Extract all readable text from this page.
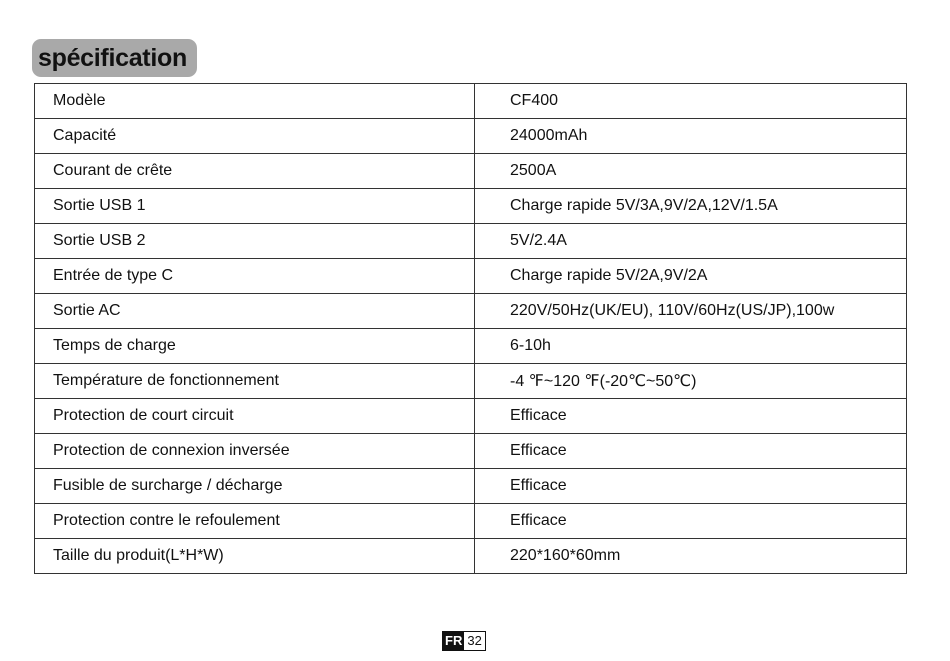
spécification
Modèle	CF400
Capacité	24000mAh
Courant de crête	2500A
Sortie USB 1	Charge rapide 5V/3A,9V/2A,12V/1.5A
Sortie USB 2	5V/2.4A
Entrée de type C	Charge rapide 5V/2A,9V/2A
Sortie AC	220V/50Hz(UK/EU), 110V/60Hz(US/JP),100w
Temps de charge	6-10h
Température de fonctionnement	-4 ℉~120 ℉(-20℃~50℃)
Protection de court circuit	Efficace
Protection de connexion inversée	Efficace
Fusible de surcharge / décharge	Efficace
Protection contre le refoulement	Efficace
Taille du produit(L*H*W)	220*160*60mm
FR 32
